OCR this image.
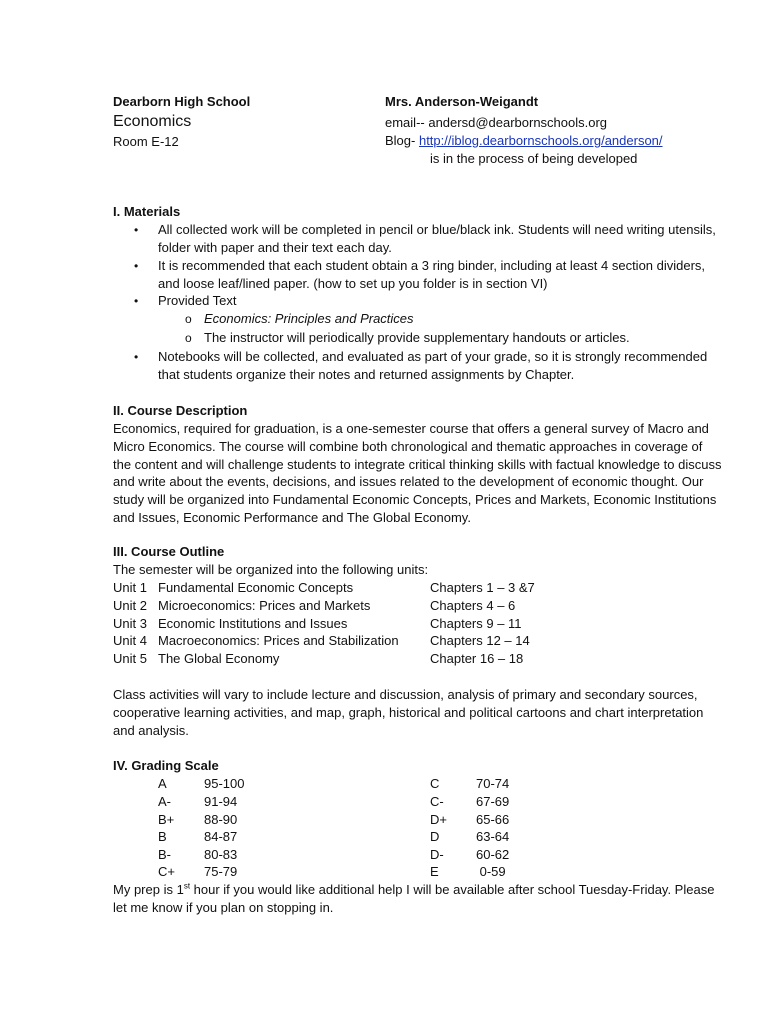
Dearborn High School
Economics
Room E-12
Mrs. Anderson-Weigandt
email-- andersd@dearbornschools.org
Blog- http://iblog.dearbornschools.org/anderson/
is in the process of being developed
I. Materials
• All collected work will be completed in pencil or blue/black ink. Students will need writing utensils, folder with paper and their text each day.
• It is recommended that each student obtain a 3 ring binder, including at least 4 section dividers, and loose leaf/lined paper. (how to set up you folder is in section VI)
• Provided Text
o Economics: Principles and Practices
o The instructor will periodically provide supplementary handouts or articles.
• Notebooks will be collected, and evaluated as part of your grade, so it is strongly recommended that students organize their notes and returned assignments by Chapter.
II. Course Description
Economics, required for graduation, is a one-semester course that offers a general survey of Macro and Micro Economics. The course will combine both chronological and thematic approaches in coverage of the content and will challenge students to integrate critical thinking skills with factual knowledge to discuss and write about the events, decisions, and issues related to the development of economic thought. Our study will be organized into Fundamental Economic Concepts, Prices and Markets, Economic Institutions and Issues, Economic Performance and The Global Economy.
III. Course Outline
The semester will be organized into the following units:
Unit 1 Fundamental Economic Concepts	Chapters 1 – 3 &7
Unit 2 Microeconomics: Prices and Markets	Chapters 4 – 6
Unit 3 Economic Institutions and Issues	Chapters 9 – 11
Unit 4 Macroeconomics: Prices and Stabilization Chapters 12 – 14
Unit 5 The Global Economy	Chapter 16 – 18
Class activities will vary to include lecture and discussion, analysis of primary and secondary sources, cooperative learning activities, and map, graph, historical and political cartoons and chart interpretation and analysis.
IV. Grading Scale
A	95-100	C	70-74
A-	91-94	C- 67-69
B+ 88-90	D+ 65-66
B	84-87	D	63-64
B-	80-83	D- 60-62
C+ 75-79	E	0-59
My prep is 1st hour if you would like additional help I will be available after school Tuesday-Friday. Please let me know if you plan on stopping in.
